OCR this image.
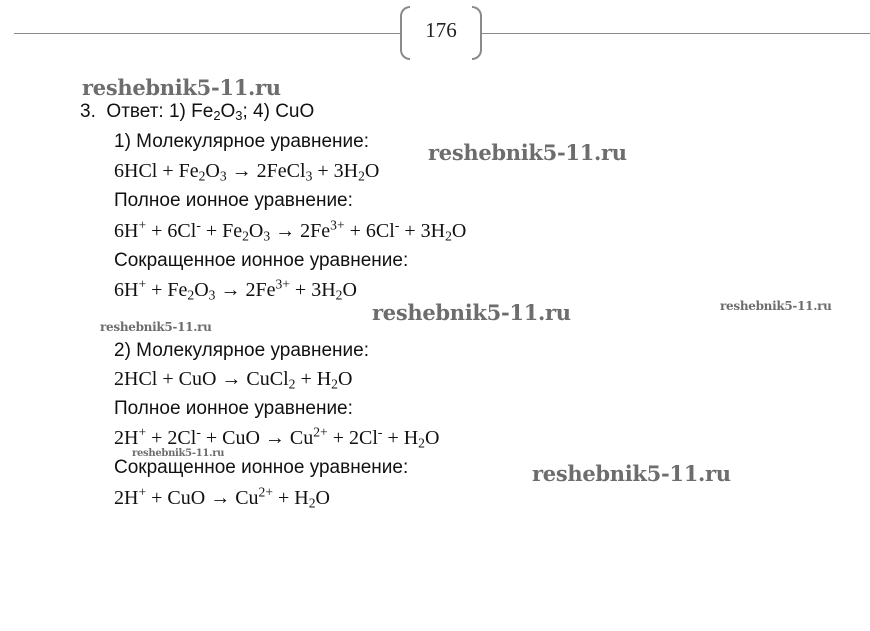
176
reshebnik5-11.ru
reshebnik5-11.ru
reshebnik5-11.ru
reshebnik5-11.ru
reshebnik5-11.ru
reshebnik5-11.ru
reshebnik5-11.ru
3. Ответ: 1) $Fe_2O_3$; 4) CuO
1) Молекулярное уравнение:
$6HCl + Fe_2O_3$ → 2FeCl$_3$ + $3H_2O$
Полное ионное уравнение:
$6H^+ + 6Cl^- + Fe_2O_3 \to 2Fe^{3+} + 6Cl^- + 3H_2O$
Сокращенное ионное уравнение:
$6H^+ + Fe_2O_3 \to 2Fe^{3+} + 3H_2O$
2) Молекулярное уравнение:
2HCl + CuO → CuCl$_2$ + $H_2O$
Полное ионное уравнение:
2H+ + 2Cl- + CuO → $Cu^{2+} + 2Cl^- + H_2O$
Сокращенное ионное уравнение:
2H+ + CuO → $Cu^{2+} + H_2O$
